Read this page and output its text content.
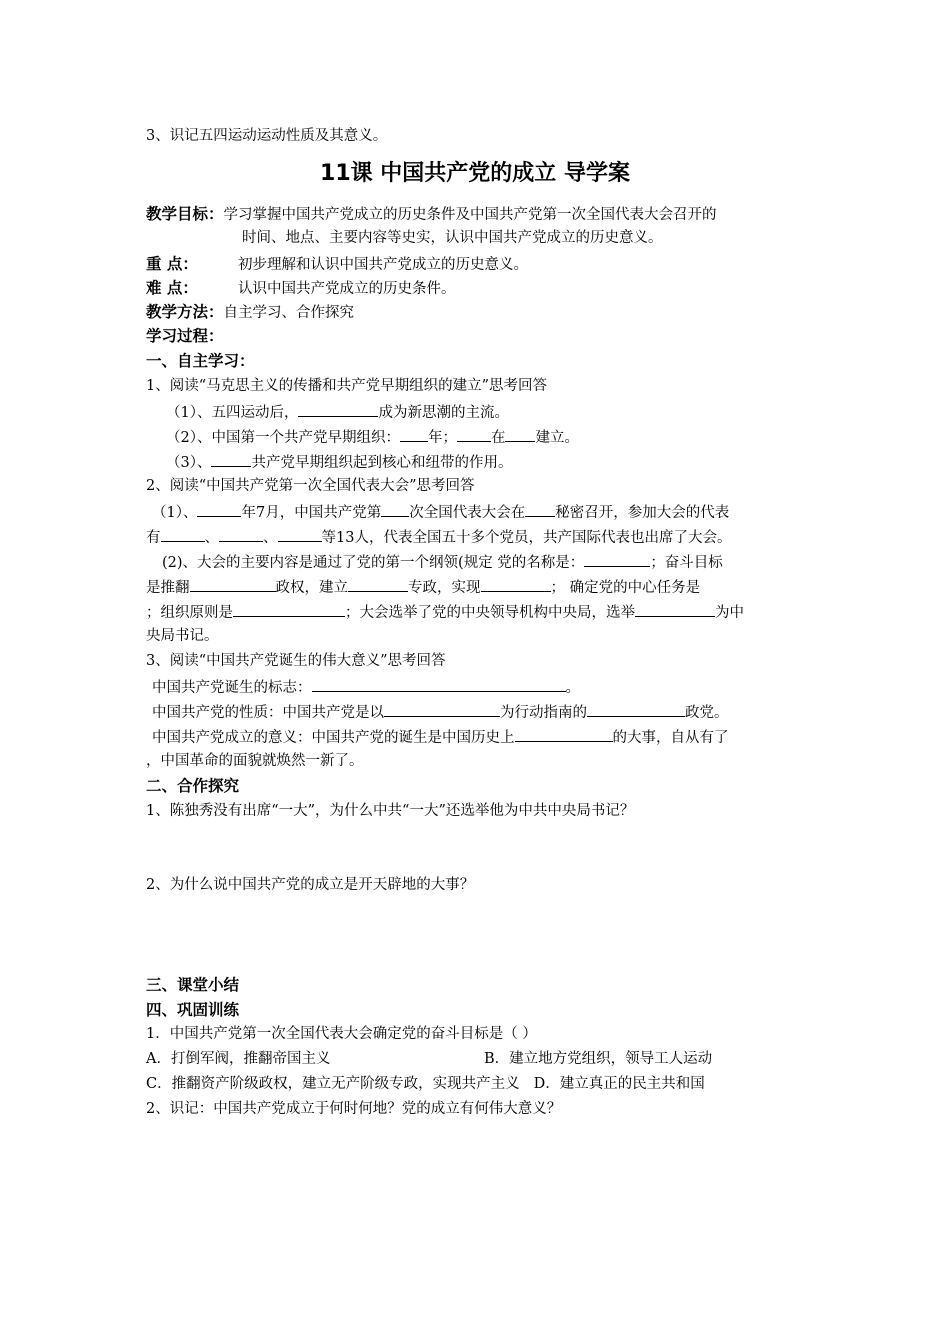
3、识记五四运动运动性质及其意义。
11课 中国共产党的成立 导学案
教学目标：学习掌握中国共产党成立的历史条件及中国共产党第一次全国代表大会召开的
时间、地点、主要内容等史实，认识中国共产党成立的历史意义。
重 点：	初步理解和认识中国共产党成立的历史意义。
难 点：	认识中国共产党成立的历史条件。
教学方法：自主学习、合作探究
学习过程：
一、自主学习：
1、阅读“马克思主义的传播和共产党早期组织的建立”思考回答
（1）、五四运动后，	成为新思潮的主流。
（2）、中国第一个共产党早期组织： 年； 在 建立。
（3）、	共产党早期组织起到核心和纽带的作用。
2、阅读“中国共产党第一次全国代表大会”思考回答
（1）、	年7月，中国共产党第 次全国代表大会在 秘密召开，参加大会的代表
有	、	、	等13人，代表全国五十多个党员，共产国际代表也出席了大会。
(2)、大会的主要内容是通过了党的第一个纲领(规定 党的名称是：	；奋斗目标
是推翻	政权，建立	专政，实现	； 确定党的中心任务是
；组织原则是	；大会选举了党的中央领导机构中央局，选举	为中
央局书记。
3、阅读“中国共产党诞生的伟大意义”思考回答
中国共产党诞生的标志：	。
中国共产党的性质：中国共产党是以	为行动指南的	政党。
中国共产党成立的意义：中国共产党的诞生是中国历史上	的大事，自从有了
，中国革命的面貌就焕然一新了。
二、合作探究
1、陈独秀没有出席“一大”，为什么中共“一大”还选举他为中共中央局书记？
2、为什么说中国共产党的成立是开天辟地的大事？
三、课堂小结
四、巩固训练
1．中国共产党第一次全国代表大会确定党的奋斗目标是（ ）
A．打倒军阀，推翻帝国主义	B．建立地方党组织，领导工人运动
C．推翻资产阶级政权，建立无产阶级专政，实现共产主义 D．建立真正的民主共和国
2、识记：中国共产党成立于何时何地？党的成立有何伟大意义？
